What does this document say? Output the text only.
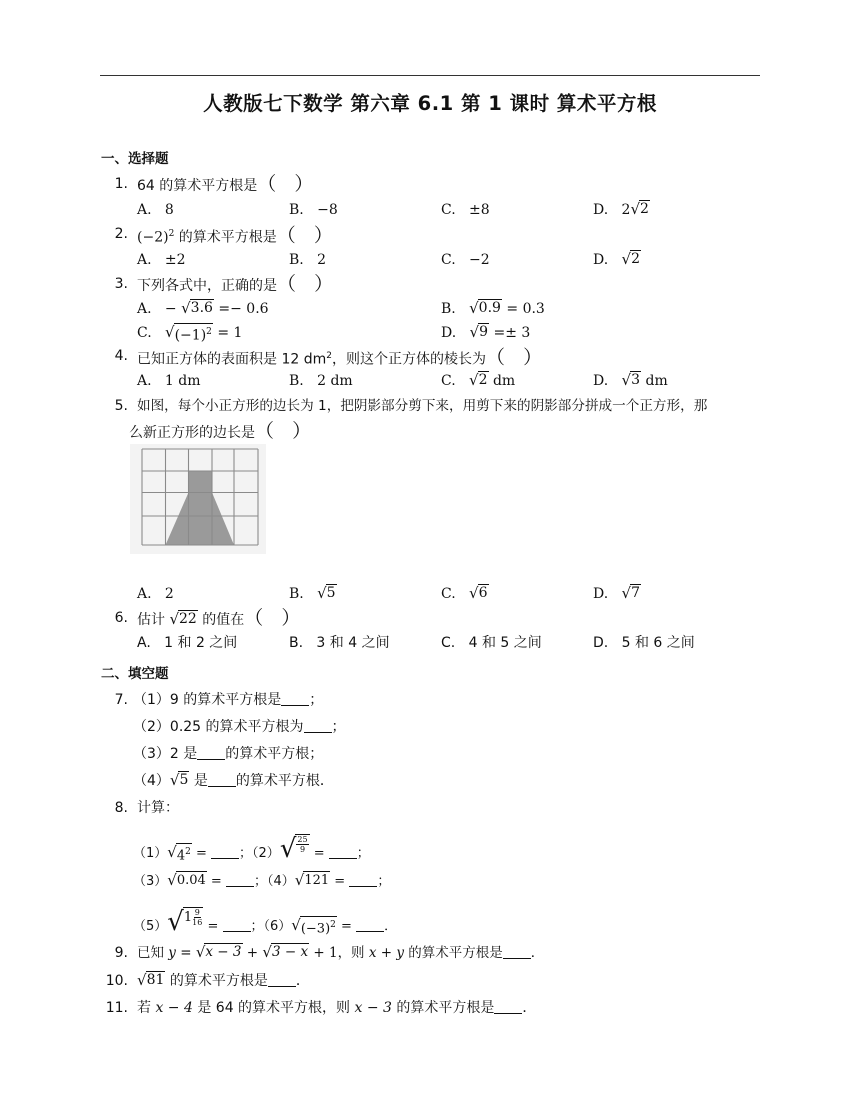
人教版七下数学 第六章 6.1 第 1 课时 算术平方根
一、选择题
1. 64 的算术平方根是（   ）
A. 8	B. −8	C. ±8	D. 2 √ 2
2. $(-2)^2$ 的算术平方根是（   ）
A. ±2	B. 2	C. −2	D. √ 2
3. 下列各式中，正确的是（   ）
A. − √ 3.6 =− 0.6	B. √ 0.9 = 0.3
C. √ $(-1)^2 = 1$	D. √ 9 =± 3
4. 已知正方体的表面积是 12 $dm^2$，则这个正方体的棱长为（   ）
A. 1 dm	B. 2 dm	C. √ 2 dm	D. √ 3 dm
5. 如图，每个小正方形的边长为 1，把阴影部分剪下来，用剪下来的阴影部分拼成一个正方形，那
么新正方形的边长是（   ）
A. 2	B. √ 5	C. √ 6	D. √ 7
6. 估计 √ 22 的值在（   ）
A. 1 和 2 之间	B. 3 和 4 之间	C. 4 和 5 之间	D. 5 和 6 之间
二、填空题
7. （1）9 的算术平方根是 ；
（2）0.25 的算术平方根为 ；
（3）2 是 的算术平方根；
（4） √ 5 是 的算术平方根．
8. 计算：
（1） √ $4^2$ = ；（2） √ $\frac{25}{9}$ = ；
（3） √ 0.04 = ；（4） √ 121 = ；
（5） √ $1 \frac{9}{16}$ = ；（6） √ $(-3)^2$ = ．
9. 已知 y = √ x − 3 + √ 3 − x + 1，则 x + y 的算术平方根是 ．
10. √ 81 的算术平方根是 ．
11. 若 x − 4 是 64 的算术平方根，则 x − 3 的算术平方根是 ．
